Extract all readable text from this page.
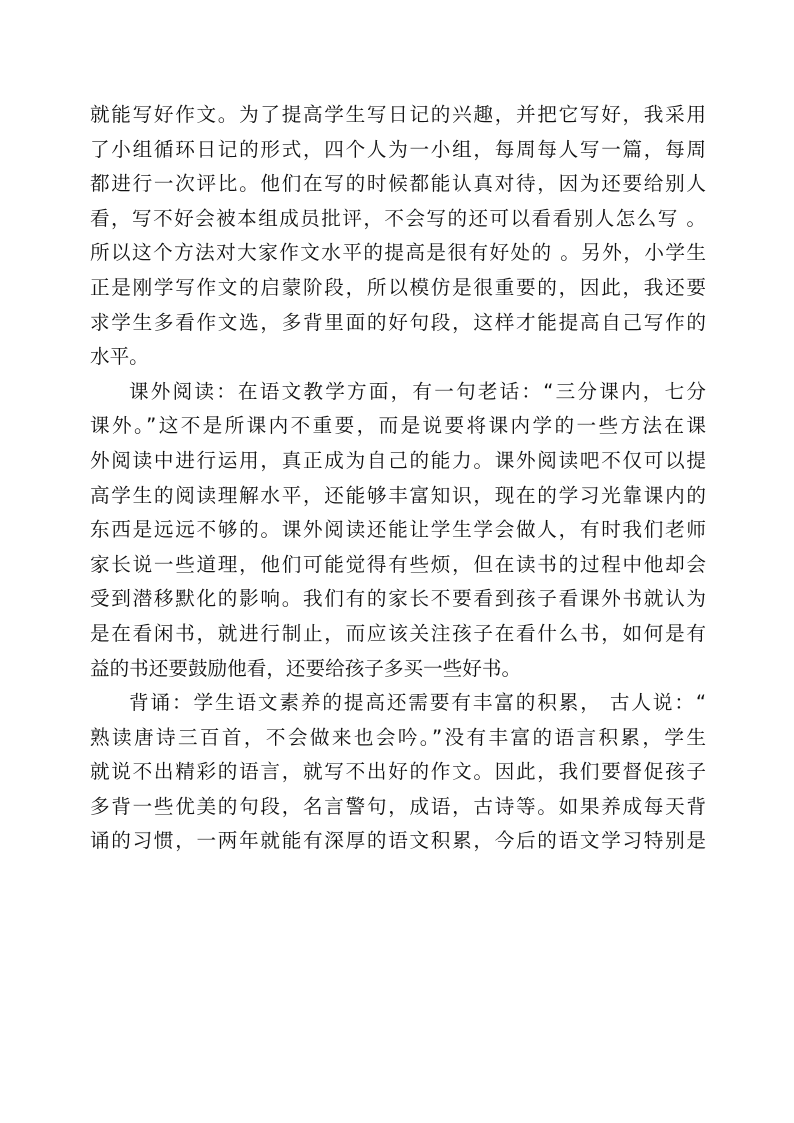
就能写好作文。为了提高学生写日记的兴趣，并把它写好，我采用
了小组循环日记的形式，四个人为一小组，每周每人写一篇，每周
都进行一次评比。他们在写的时候都能认真对待，因为还要给别人
看，写不好会被本组成员批评，不会写的还可以看看别人怎么写 。
所以这个方法对大家作文水平的提高是很有好处的 。另外，小学生
正是刚学写作文的启蒙阶段，所以模仿是很重要的，因此，我还要
求学生多看作文选，多背里面的好句段，这样才能提高自己写作的
水平。
课外阅读：在语文教学方面，有一句老话：“三分课内，七分
课外。”这不是所课内不重要，而是说要将课内学的一些方法在课
外阅读中进行运用，真正成为自己的能力。课外阅读吧不仅可以提
高学生的阅读理解水平，还能够丰富知识，现在的学习光靠课内的
东西是远远不够的。课外阅读还能让学生学会做人，有时我们老师
家长说一些道理，他们可能觉得有些烦，但在读书的过程中他却会
受到潜移默化的影响。我们有的家长不要看到孩子看课外书就认为
是在看闲书，就进行制止，而应该关注孩子在看什么书，如何是有
益的书还要鼓励他看，还要给孩子多买一些好书。
背诵：学生语文素养的提高还需要有丰富的积累， 古人说：“
熟读唐诗三百首，不会做来也会吟。”没有丰富的语言积累，学生
就说不出精彩的语言，就写不出好的作文。因此，我们要督促孩子
多背一些优美的句段，名言警句，成语，古诗等。如果养成每天背
诵的习惯，一两年就能有深厚的语文积累，今后的语文学习特别是
